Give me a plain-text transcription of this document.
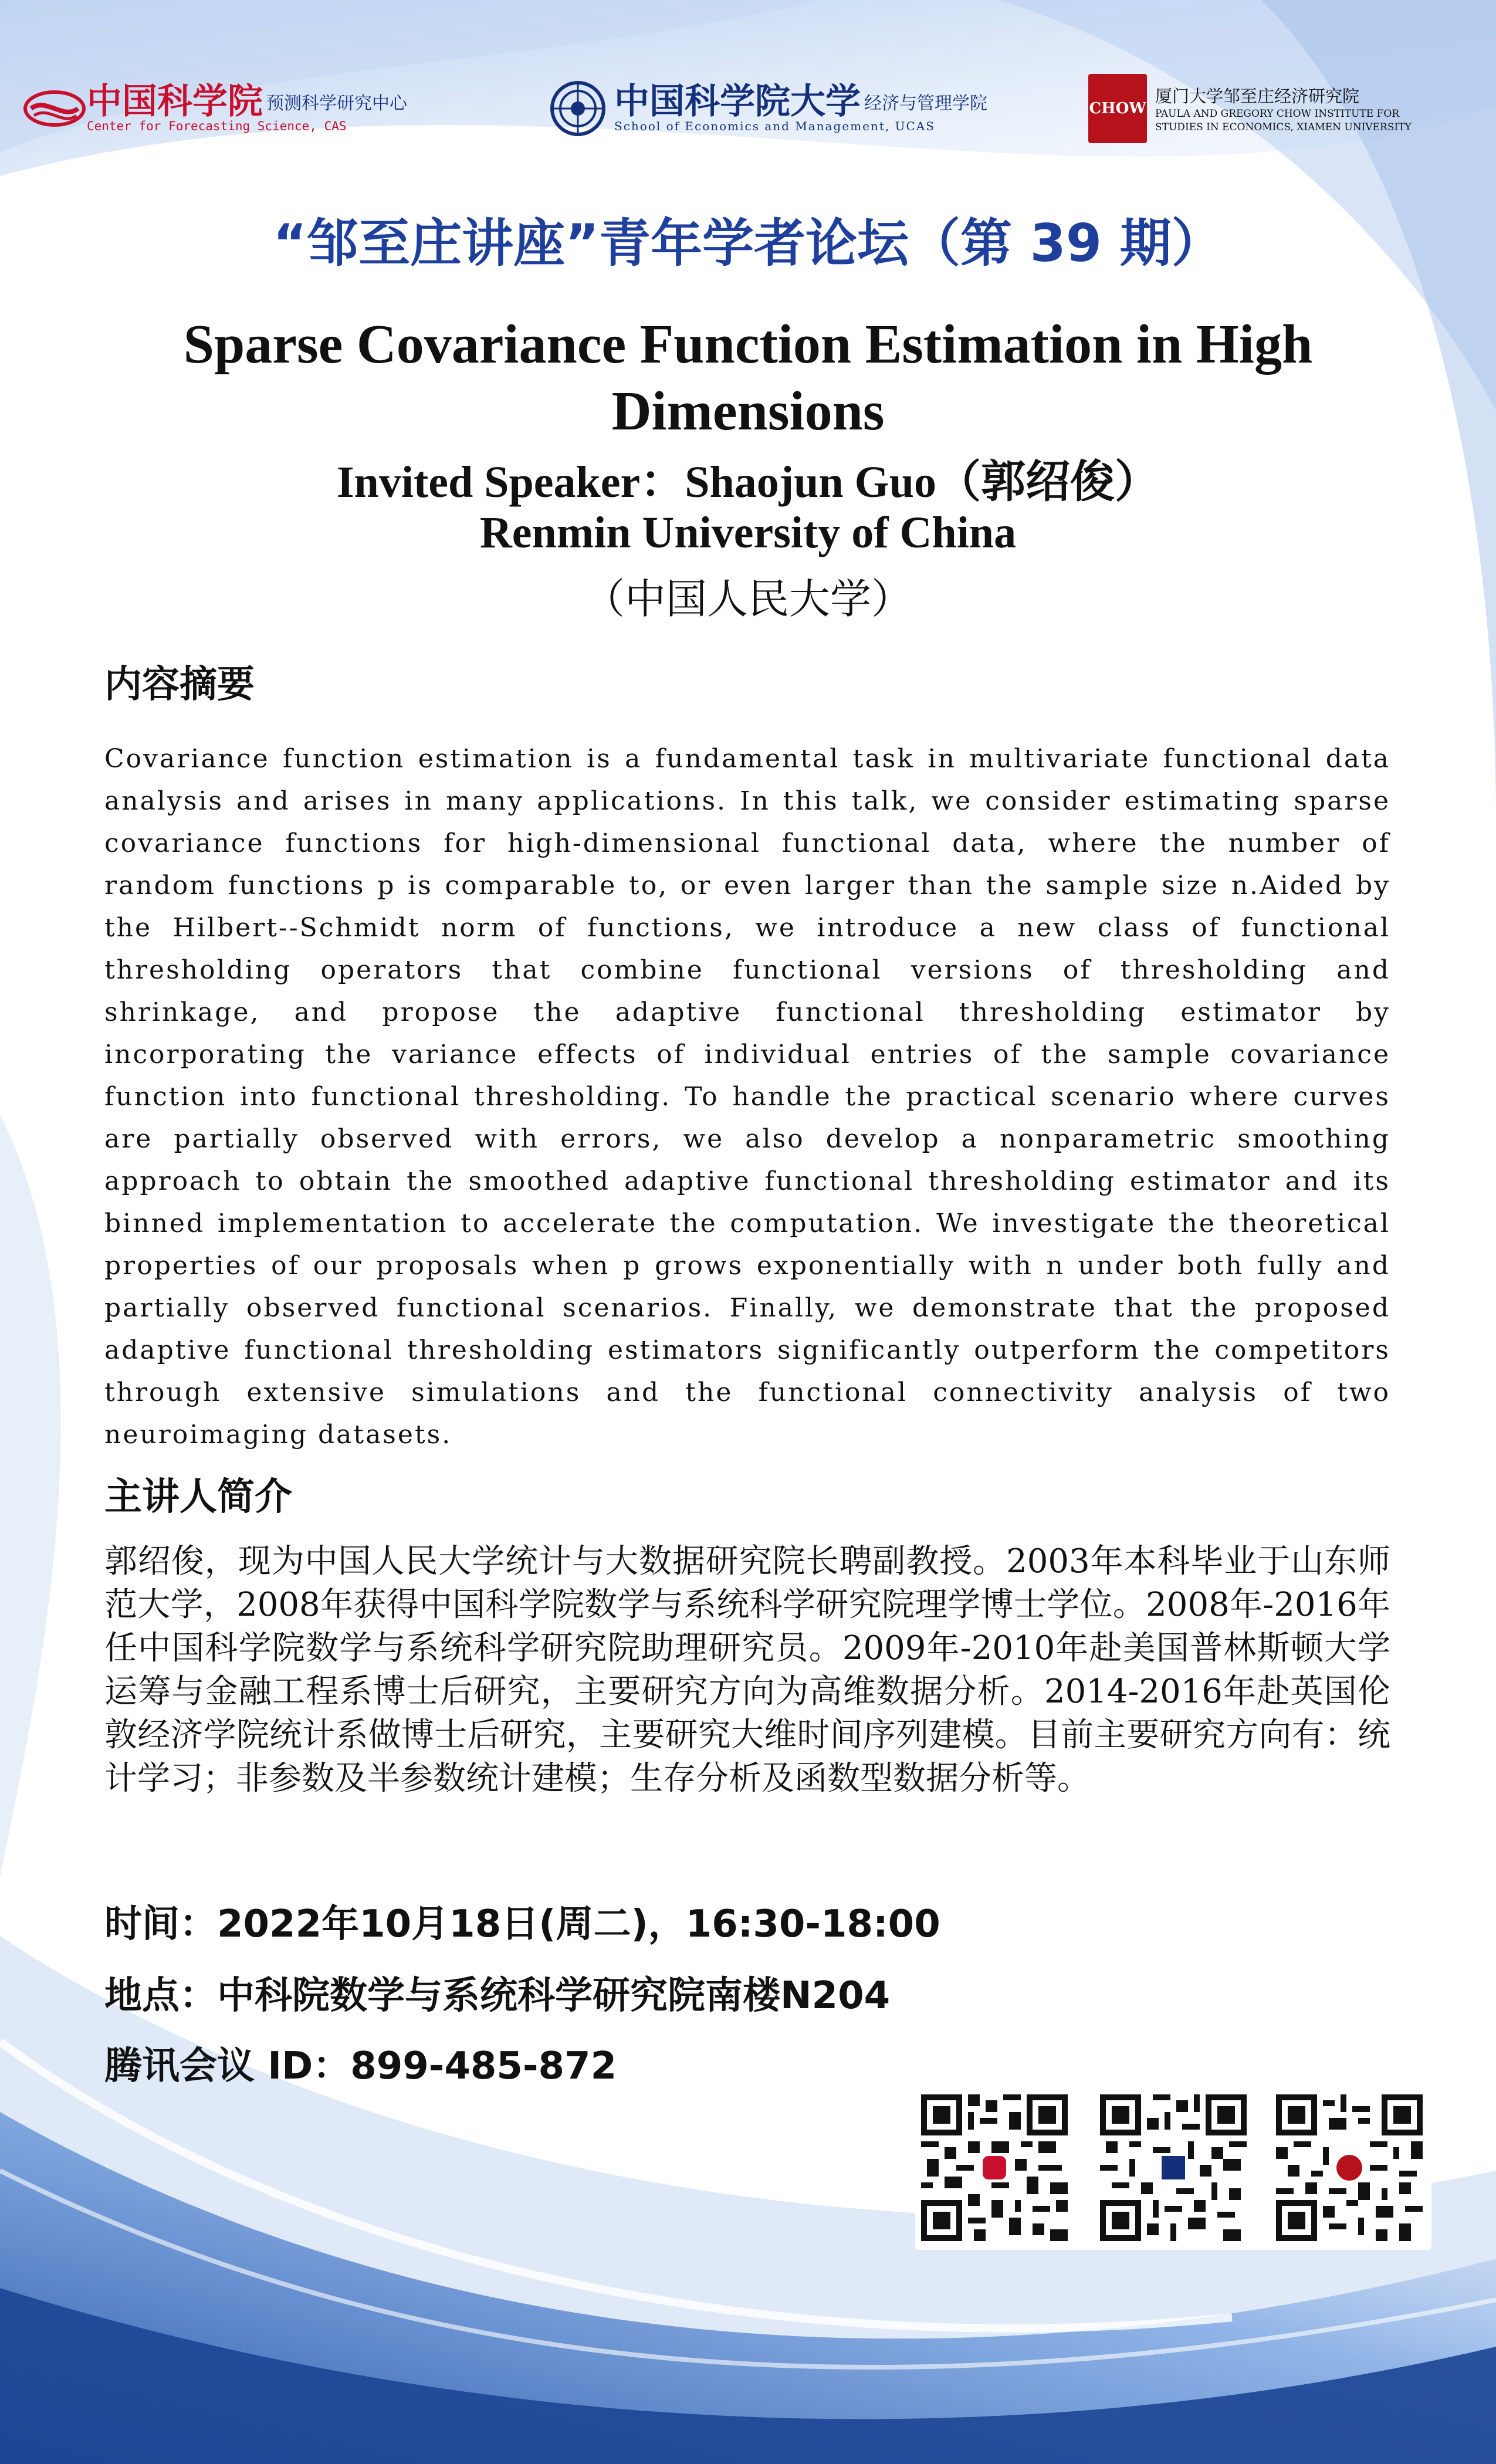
中国科学院 预测科学研究中心
Center for Forecasting Science, CAS
中国科学院大学 经济与管理学院
School of Economics and Management, UCAS
CHOW
厦门大学邹至庄经济研究院
PAULA AND GREGORY CHOW INSTITUTE FOR
STUDIES IN ECONOMICS, XIAMEN UNIVERSITY
“邹至庄讲座”青年学者论坛（第 39 期）
Sparse Covariance Function Estimation in High Dimensions
Invited Speaker：Shaojun Guo（郭绍俊）
Renmin University of China
（中国人民大学）
内容摘要
Covariance function estimation is a fundamental task in multivariate functional data analysis and arises in many applications. In this talk, we consider estimating sparse covariance functions for high-dimensional functional data, where the number of random functions p is comparable to, or even larger than the sample size n.Aided by the Hilbert--Schmidt norm of functions, we introduce a new class of functional thresholding operators that combine functional versions of thresholding and shrinkage, and propose the adaptive functional thresholding estimator by incorporating the variance effects of individual entries of the sample covariance function into functional thresholding. To handle the practical scenario where curves are partially observed with errors, we also develop a nonparametric smoothing approach to obtain the smoothed adaptive functional thresholding estimator and its binned implementation to accelerate the computation. We investigate the theoretical properties of our proposals when p grows exponentially with n under both fully and partially observed functional scenarios. Finally, we demonstrate that the proposed adaptive functional thresholding estimators significantly outperform the competitors through extensive simulations and the functional connectivity analysis of two neuroimaging datasets.
主讲人简介
郭绍俊，现为中国人民大学统计与大数据研究院长聘副教授。2003年本科毕业于山东师范大学，2008年获得中国科学院数学与系统科学研究院理学博士学位。2008年-2016年任中国科学院数学与系统科学研究院助理研究员。2009年-2010年赴美国普林斯顿大学运筹与金融工程系博士后研究，主要研究方向为高维数据分析。2014-2016年赴英国伦敦经济学院统计系做博士后研究，主要研究大维时间序列建模。目前主要研究方向有：统计学习；非参数及半参数统计建模；生存分析及函数型数据分析等。
时间：2022年10月18日(周二)，16:30-18:00
地点：中科院数学与系统科学研究院南楼N204
腾讯会议 ID：899-485-872
